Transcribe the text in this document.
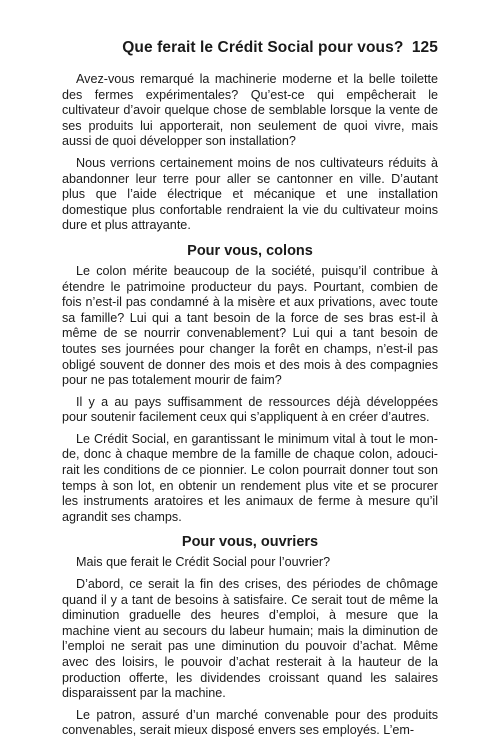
Que ferait le Crédit Social pour vous? 125

Avez-vous remarqué la machinerie moderne et la belle toilette des fermes expérimentales? Qu’est-ce qui empêcherait le cultivateur d’avoir quelque chose de semblable lorsque la vente de ses produits lui apporterait, non seulement de quoi vivre, mais aussi de quoi développer son installation?

Nous verrions certainement moins de nos cultivateurs réduits à abandonner leur terre pour aller se cantonner en ville. D’autant plus que l’aide électrique et mécanique et une installation domestique plus confortable rendraient la vie du cultivateur moins dure et plus attrayante.

Pour vous, colons

Le colon mérite beaucoup de la société, puisqu’il contribue à étendre le patrimoine producteur du pays. Pourtant, combien de fois n’est-il pas condamné à la misère et aux privations, avec toute sa famille? Lui qui a tant besoin de la force de ses bras est-il à même de se nourrir convenablement? Lui qui a tant besoin de toutes ses journées pour changer la forêt en champs, n’est-il pas obligé souvent de donner des mois et des mois à des compagnies pour ne pas totalement mourir de faim?

Il y a au pays suffisamment de ressources déjà développées pour soutenir facilement ceux qui s’appliquent à en créer d’autres.

Le Crédit Social, en garantissant le minimum vital à tout le monde, donc à chaque membre de la famille de chaque colon, adoucirait les conditions de ce pionnier. Le colon pourrait donner tout son temps à son lot, en obtenir un rendement plus vite et se procurer les instruments aratoires et les animaux de ferme à mesure qu’il agrandit ses champs.

Pour vous, ouvriers

Mais que ferait le Crédit Social pour l’ouvrier?

D’abord, ce serait la fin des crises, des périodes de chômage quand il y a tant de besoins à satisfaire. Ce serait tout de même la diminution graduelle des heures d’emploi, à mesure que la machine vient au secours du labeur humain; mais la diminution de l’emploi ne serait pas une diminution du pouvoir d’achat. Même avec des loisirs, le pouvoir d’achat resterait à la hauteur de la production offerte, les dividendes croissant quand les salaires disparaissent par la machine.

Le patron, assuré d’un marché convenable pour des produits convenables, serait mieux disposé envers ses employés. L’em-
